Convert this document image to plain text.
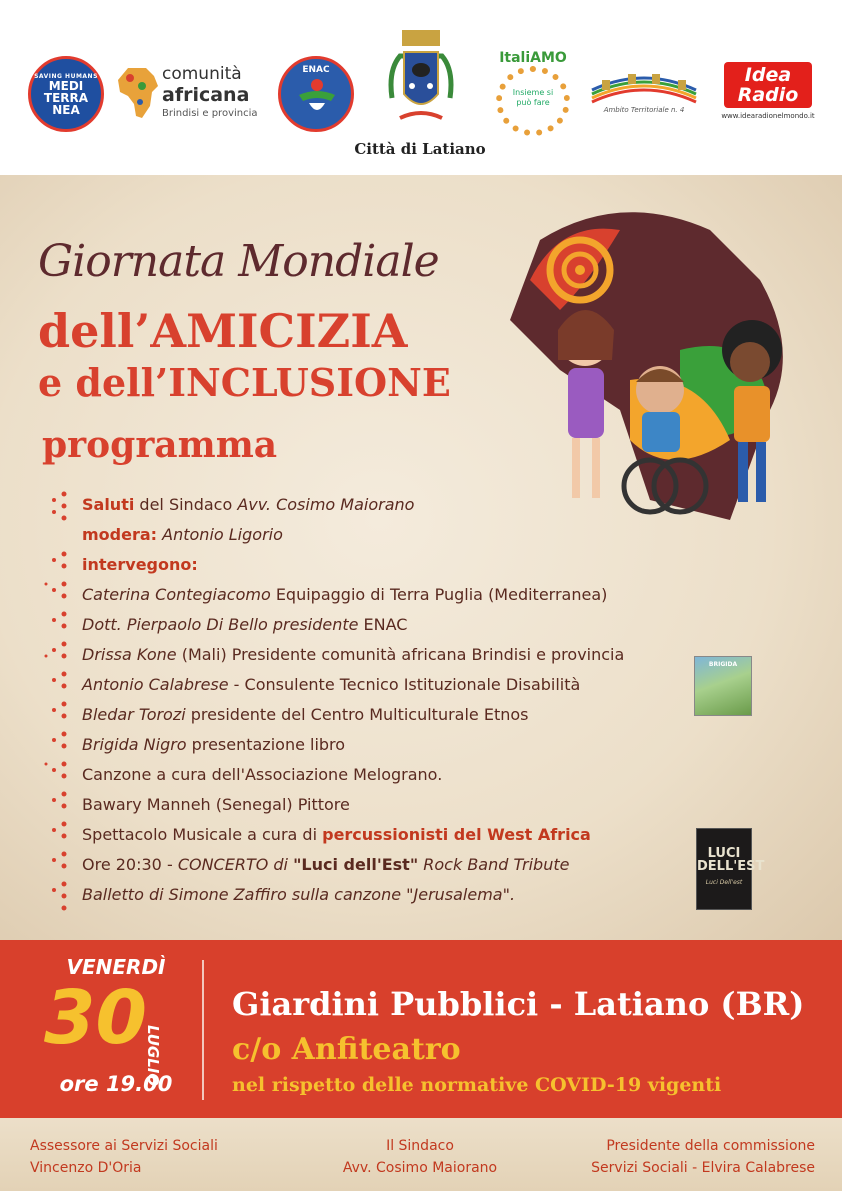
SAVING HUMANS
MEDI TERRA NEA
comunità
africana
Brindisi e provincia
ENAC
Città di Latiano
ItaliAMO
Insieme si può fare
Ambito Territoriale n. 4
Idea Radio
www.idearadionelmondo.it
Giornata Mondiale
dell’AMICIZIA
e dell’INCLUSIONE
programma
Saluti del Sindaco Avv. Cosimo Maiorano
modera: Antonio Ligorio
intervegono:
Caterina Contegiacomo Equipaggio di Terra Puglia (Mediterranea)
Dott. Pierpaolo Di Bello presidente ENAC
Drissa Kone (Mali) Presidente comunità africana Brindisi e provincia
Antonio Calabrese - Consulente Tecnico Istituzionale Disabilità
Bledar Torozi presidente del Centro Multiculturale Etnos
Brigida Nigro presentazione libro
Canzone a cura dell'Associazione Melograno.
Bawary Manneh (Senegal) Pittore
Spettacolo Musicale a cura di percussionisti del West Africa
Ore 20:30 - CONCERTO di "Luci dell'Est" Rock Band Tribute
Balletto di Simone Zaffiro sulla canzone "Jerusalema".
BRIGIDA
LUCI DELL'EST
Luci Dell'est
VENERDÌ
30
LUGLIO
ore 19.00
Giardini Pubblici - Latiano (BR)
c/o Anfiteatro
nel rispetto delle normative COVID-19 vigenti
Assessore ai Servizi Sociali
Vincenzo D'Oria
Il Sindaco
Avv. Cosimo Maiorano
Presidente della commissione
Servizi Sociali - Elvira Calabrese
